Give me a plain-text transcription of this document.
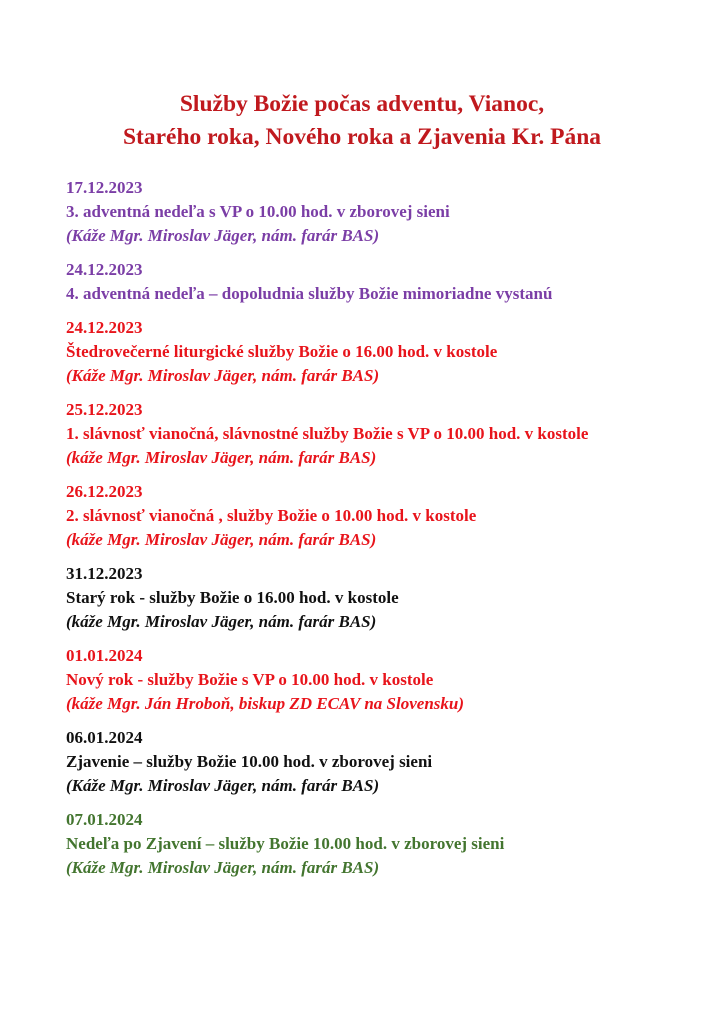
Služby Božie počas adventu, Vianoc,
Starého roka, Nového roka a Zjavenia Kr. Pána
17.12.2023
3. adventná nedeľa s VP o 10.00 hod. v zborovej sieni
(Káže Mgr. Miroslav Jäger, nám. farár BAS)
24.12.2023
4. adventná nedeľa – dopoludnia služby Božie mimoriadne vystanú
24.12.2023
Štedrovečerné liturgické služby Božie o 16.00 hod. v kostole
(Káže Mgr. Miroslav Jäger, nám. farár BAS)
25.12.2023
1. slávnosť vianočná, slávnostné služby Božie s VP o 10.00 hod. v kostole
(káže Mgr. Miroslav Jäger, nám. farár BAS)
26.12.2023
2. slávnosť vianočná , služby Božie o 10.00 hod. v kostole
(káže Mgr. Miroslav Jäger, nám. farár BAS)
31.12.2023
Starý rok - služby Božie o 16.00 hod. v kostole
(káže Mgr. Miroslav Jäger, nám. farár BAS)
01.01.2024
Nový rok - služby Božie s VP o 10.00 hod. v kostole
(káže Mgr. Ján Hroboň, biskup ZD ECAV na Slovensku)
06.01.2024
Zjavenie – služby Božie 10.00 hod. v zborovej sieni
(Káže Mgr. Miroslav Jäger, nám. farár BAS)
07.01.2024
Nedeľa po Zjavení – služby Božie 10.00 hod. v zborovej sieni
(Káže Mgr. Miroslav Jäger, nám. farár BAS)
